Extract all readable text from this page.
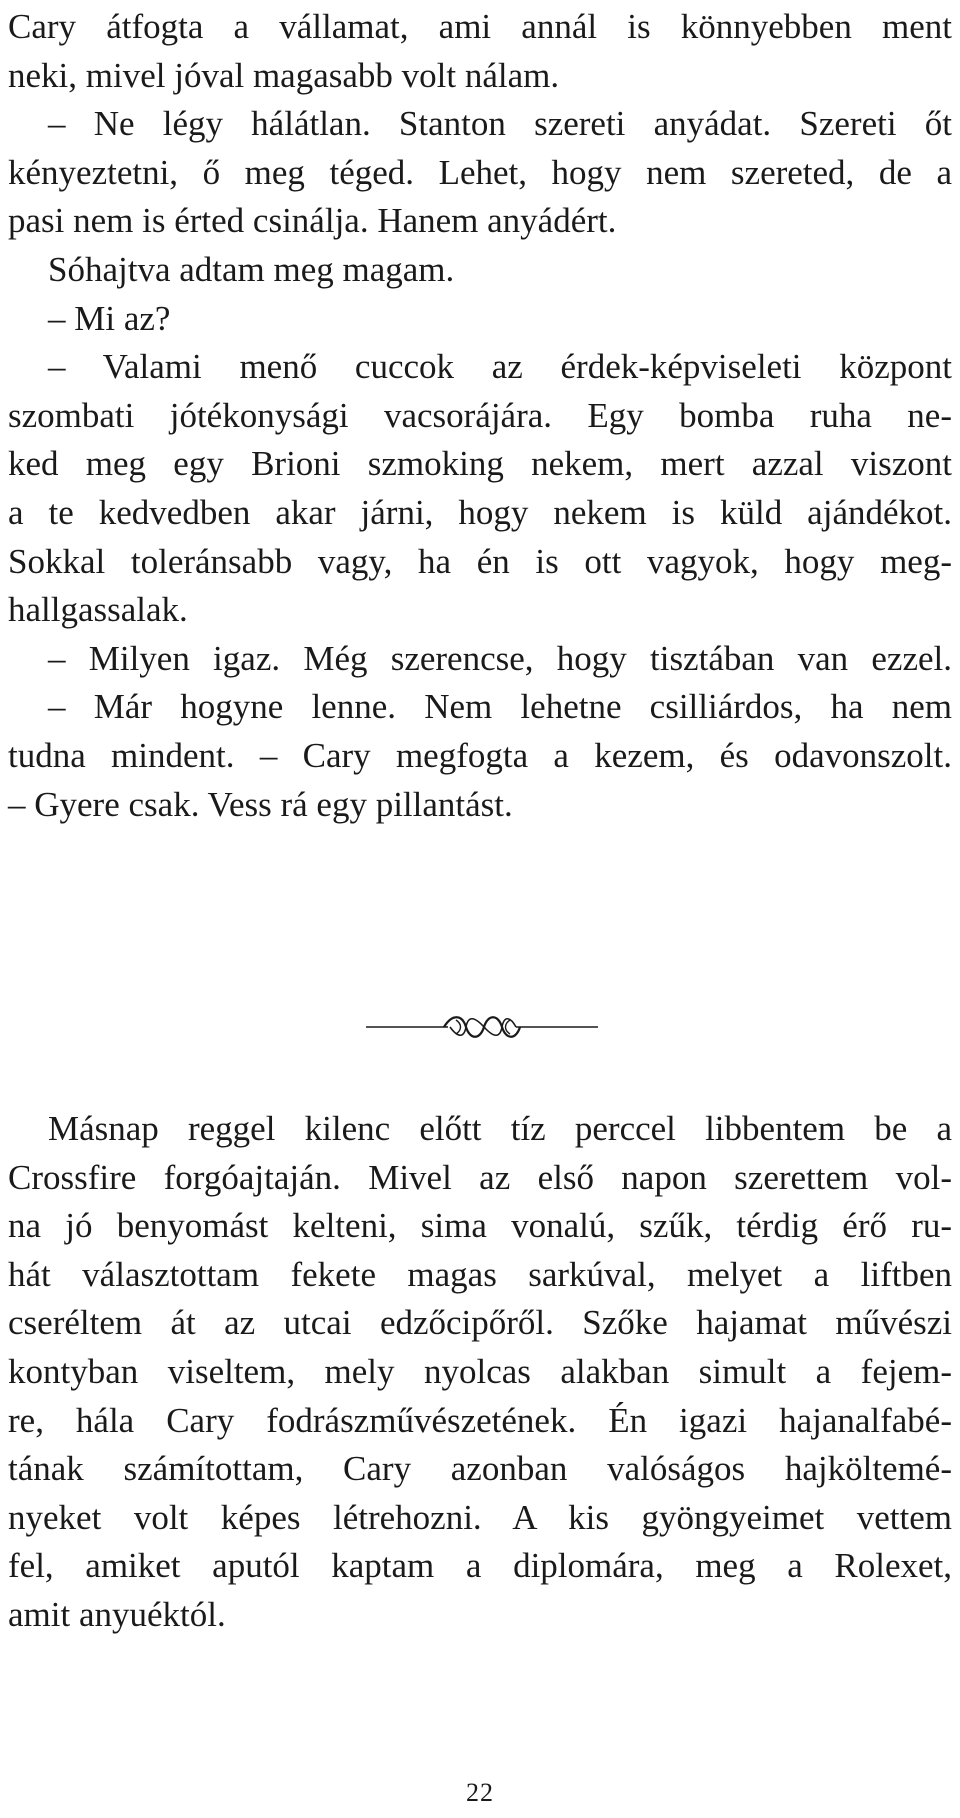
Cary átfogta a vállamat, ami annál is könnyebben ment
neki, mivel jóval magasabb volt nálam.
– Ne légy hálátlan. Stanton szereti anyádat. Szereti őt
kényeztetni, ő meg téged. Lehet, hogy nem szereted, de a
pasi nem is érted csinálja. Hanem anyádért.
Sóhajtva adtam meg magam.
– Mi az?
– Valami menő cuccok az érdek-képviseleti központ
szombati jótékonysági vacsorájára. Egy bomba ruha ne-
ked meg egy Brioni szmoking nekem, mert azzal viszont
a te kedvedben akar járni, hogy nekem is küld ajándékot.
Sokkal toleránsabb vagy, ha én is ott vagyok, hogy meg-
hallgassalak.
– Milyen igaz. Még szerencse, hogy tisztában van ezzel.
– Már hogyne lenne. Nem lehetne csilliárdos, ha nem
tudna mindent. – Cary megfogta a kezem, és odavonszolt.
– Gyere csak. Vess rá egy pillantást.
Másnap reggel kilenc előtt tíz perccel libbentem be a
Crossfire forgóajtaján. Mivel az első napon szerettem vol-
na jó benyomást kelteni, sima vonalú, szűk, térdig érő ru-
hát választottam fekete magas sarkúval, melyet a liftben
cseréltem át az utcai edzőcipőről. Szőke hajamat művészi
kontyban viseltem, mely nyolcas alakban simult a fejem-
re, hála Cary fodrászművészetének. Én igazi hajanalfabé-
tának számítottam, Cary azonban valóságos hajköltemé-
nyeket volt képes létrehozni. A kis gyöngyeimet vettem
fel, amiket aputól kaptam a diplomára, meg a Rolexet,
amit anyuéktól.
22
